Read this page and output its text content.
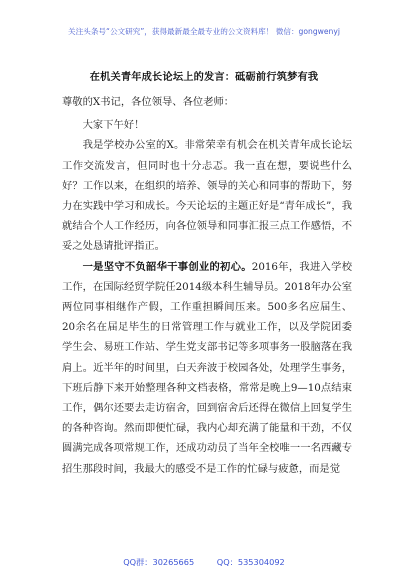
关注头条号“公文研究”，获得最新最全最专业的公文资料库！ 微信：gongwenyj
在机关青年成长论坛上的发言：砥砺前行筑梦有我

尊敬的X书记，各位领导、各位老师：

大家下午好！

我是学校办公室的X。非常荣幸有机会在机关青年成长论坛工作交流发言，但同时也十分忐忑。我一直在想，要说些什么好？工作以来，在组织的培养、领导的关心和同事的帮助下，努力在实践中学习和成长。今天论坛的主题正好是“青年成长”，我就结合个人工作经历，向各位领导和同事汇报三点工作感悟，不妥之处恳请批评指正。

一是坚守不负韶华干事创业的初心。2016年，我进入学校工作，在国际经贸学院任2014级本科生辅导员。2018年办公室两位同事相继作产假，工作重担瞬间压来。500多名应届生、20余名在届足毕生的日常管理工作与就业工作，以及学院团委学生会、易班工作站、学生党支部书记等多项事务一股脑落在我肩上。近半年的时间里，白天奔波于校园各处，处理学生事务，下班后静下来开始整理各种文档表格，常常是晚上9—10点结束工作，偶尔还要去走访宿舍，回到宿舍后还得在微信上回复学生的各种咨询。然而即便忙碌，我内心却充满了能量和干劲，不仅圆满完成各项常规工作，还成功动员了当年全校唯一一名西藏专招生那段时间，我最大的感受不是工作的忙碌与疲惫，而是觉

QQ群：30265665	QQ：535304092
